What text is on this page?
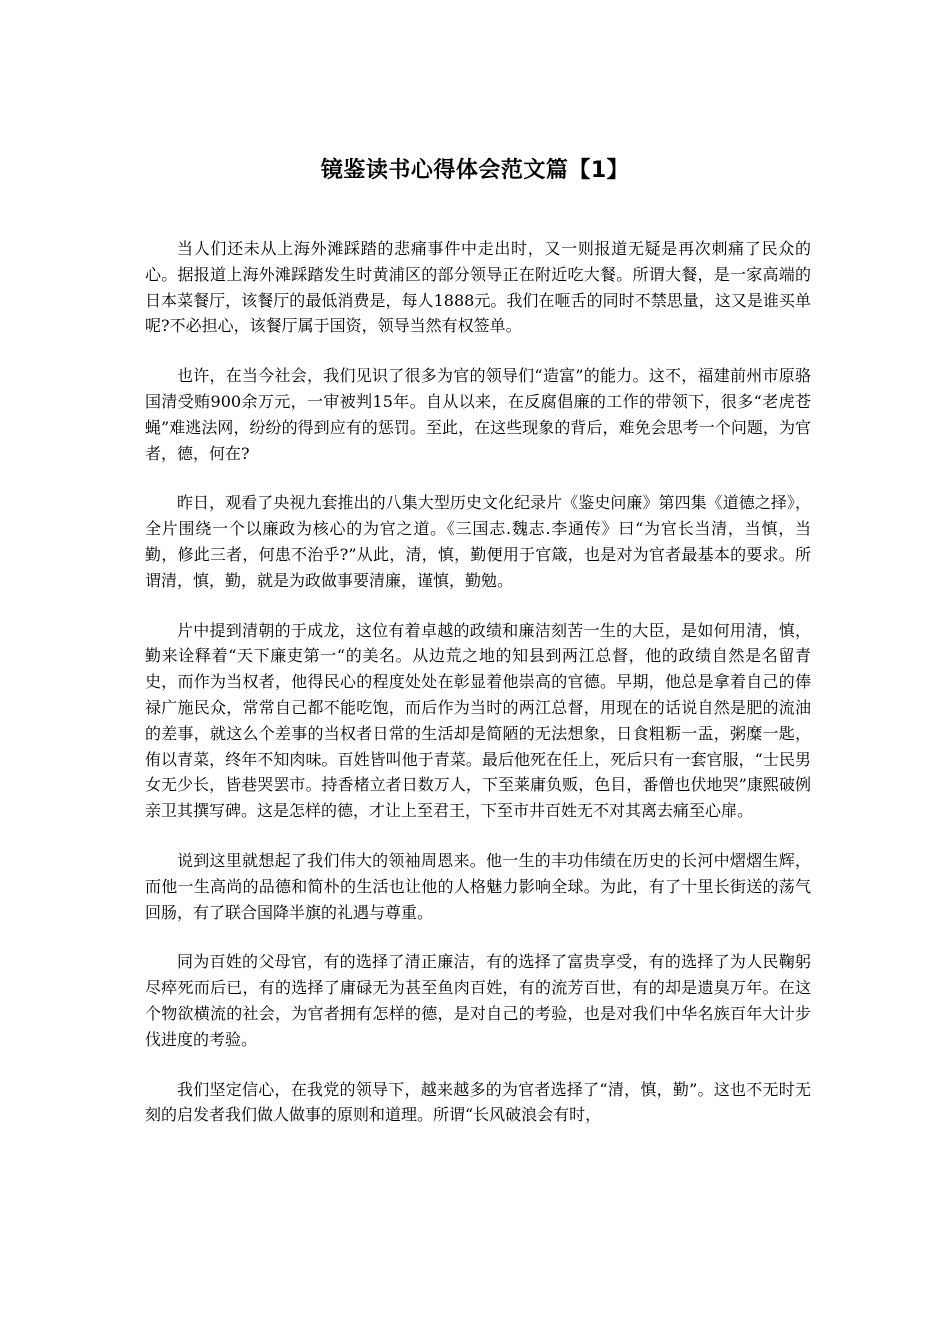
镜鉴读书心得体会范文篇【1】

当人们还未从上海外滩踩踏的悲痛事件中走出时，又一则报道无疑是再次刺痛了民众的心。据报道上海外滩踩踏发生时黄浦区的部分领导正在附近吃大餐。所谓大餐，是一家高端的日本菜餐厅，该餐厅的最低消费是，每人1888元。我们在咂舌的同时不禁思量，这又是谁买单呢?不必担心，该餐厅属于国资，领导当然有权签单。

也许，在当今社会，我们见识了很多为官的领导们“造富”的能力。这不，福建前州市原骆国清受贿900余万元，一审被判15年。自从以来，在反腐倡廉的工作的带领下，很多“老虎苍蝇”难逃法网，纷纷的得到应有的惩罚。至此，在这些现象的背后，难免会思考一个问题，为官者，德，何在?

昨日，观看了央视九套推出的八集大型历史文化纪录片《鉴史问廉》第四集《道德之择》，全片围绕一个以廉政为核心的为官之道。《三国志.魏志.李通传》曰“为官长当清，当慎，当勤，修此三者，何患不治乎?”从此，清，慎，勤便用于官箴，也是对为官者最基本的要求。所谓清，慎，勤，就是为政做事要清廉，谨慎，勤勉。

片中提到清朝的于成龙，这位有着卓越的政绩和廉洁刻苦一生的大臣，是如何用清，慎，勤来诠释着“天下廉吏第一“的美名。从边荒之地的知县到两江总督，他的政绩自然是名留青史，而作为当权者，他得民心的程度处处在彰显着他崇高的官德。早期，他总是拿着自己的俸禄广施民众，常常自己都不能吃饱，而后作为当时的两江总督，用现在的话说自然是肥的流油的差事，就这么个差事的当权者日常的生活却是简陋的无法想象，日食粗粝一盂，粥糜一匙，侑以青菜，终年不知肉味。百姓皆叫他于青菜。最后他死在任上，死后只有一套官服，“士民男女无少长，皆巷哭罢市。持香楮立者日数万人，下至莱庸负贩，色目，番僧也伏地哭”康熙破例亲卫其撰写碑。这是怎样的德，才让上至君王，下至市井百姓无不对其离去痛至心扉。

说到这里就想起了我们伟大的领袖周恩来。他一生的丰功伟绩在历史的长河中熠熠生辉，而他一生高尚的品德和简朴的生活也让他的人格魅力影响全球。为此，有了十里长街送的荡气回肠，有了联合国降半旗的礼遇与尊重。

同为百姓的父母官，有的选择了清正廉洁，有的选择了富贵享受，有的选择了为人民鞠躬尽瘁死而后已，有的选择了庸碌无为甚至鱼肉百姓，有的流芳百世，有的却是遗臭万年。在这个物欲横流的社会，为官者拥有怎样的德，是对自己的考验，也是对我们中华名族百年大计步伐进度的考验。

我们坚定信心，在我党的领导下，越来越多的为官者选择了“清，慎，勤”。这也不无时无刻的启发者我们做人做事的原则和道理。所谓“长风破浪会有时，
